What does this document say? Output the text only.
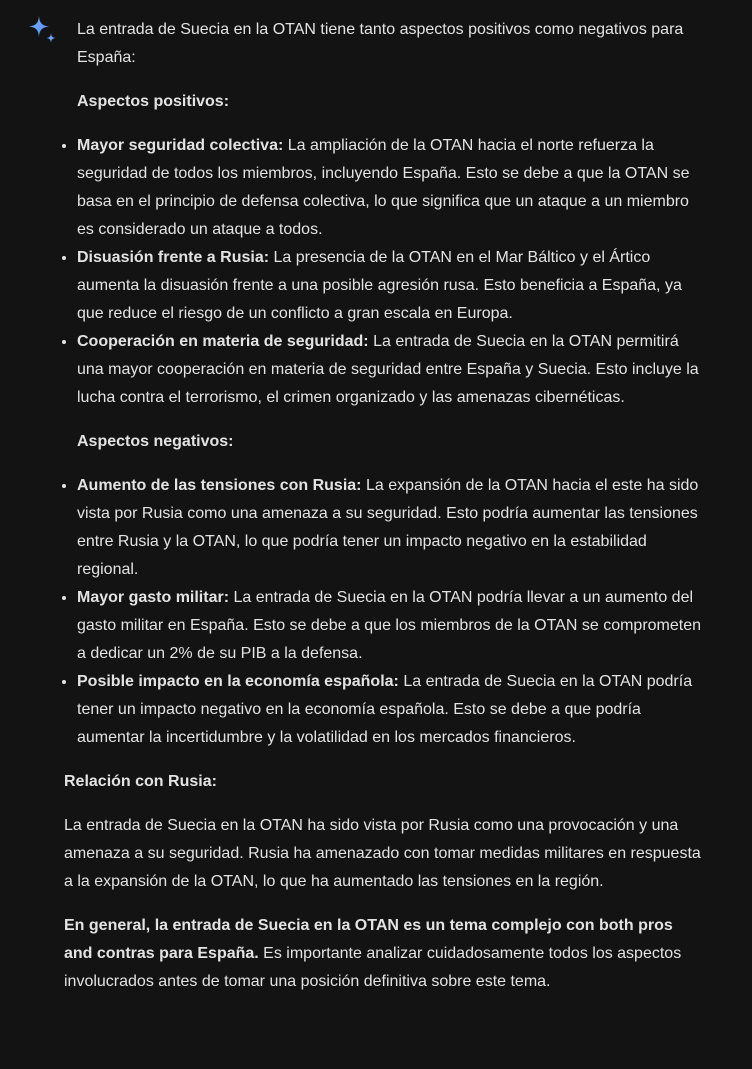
La entrada de Suecia en la OTAN tiene tanto aspectos positivos como negativos para España:

Aspectos positivos:

• Mayor seguridad colectiva: La ampliación de la OTAN hacia el norte refuerza la seguridad de todos los miembros, incluyendo España. Esto se debe a que la OTAN se basa en el principio de defensa colectiva, lo que significa que un ataque a un miembro es considerado un ataque a todos.
• Disuasión frente a Rusia: La presencia de la OTAN en el Mar Báltico y el Ártico aumenta la disuasión frente a una posible agresión rusa. Esto beneficia a España, ya que reduce el riesgo de un conflicto a gran escala en Europa.
• Cooperación en materia de seguridad: La entrada de Suecia en la OTAN permitirá una mayor cooperación en materia de seguridad entre España y Suecia. Esto incluye la lucha contra el terrorismo, el crimen organizado y las amenazas cibernéticas.

Aspectos negativos:

• Aumento de las tensiones con Rusia: La expansión de la OTAN hacia el este ha sido vista por Rusia como una amenaza a su seguridad. Esto podría aumentar las tensiones entre Rusia y la OTAN, lo que podría tener un impacto negativo en la estabilidad regional.
• Mayor gasto militar: La entrada de Suecia en la OTAN podría llevar a un aumento del gasto militar en España. Esto se debe a que los miembros de la OTAN se comprometen a dedicar un 2% de su PIB a la defensa.
• Posible impacto en la economía española: La entrada de Suecia en la OTAN podría tener un impacto negativo en la economía española. Esto se debe a que podría aumentar la incertidumbre y la volatilidad en los mercados financieros.

Relación con Rusia:

La entrada de Suecia en la OTAN ha sido vista por Rusia como una provocación y una amenaza a su seguridad. Rusia ha amenazado con tomar medidas militares en respuesta a la expansión de la OTAN, lo que ha aumentado las tensiones en la región.

En general, la entrada de Suecia en la OTAN es un tema complejo con both pros and contras para España. Es importante analizar cuidadosamente todos los aspectos involucrados antes de tomar una posición definitiva sobre este tema.
